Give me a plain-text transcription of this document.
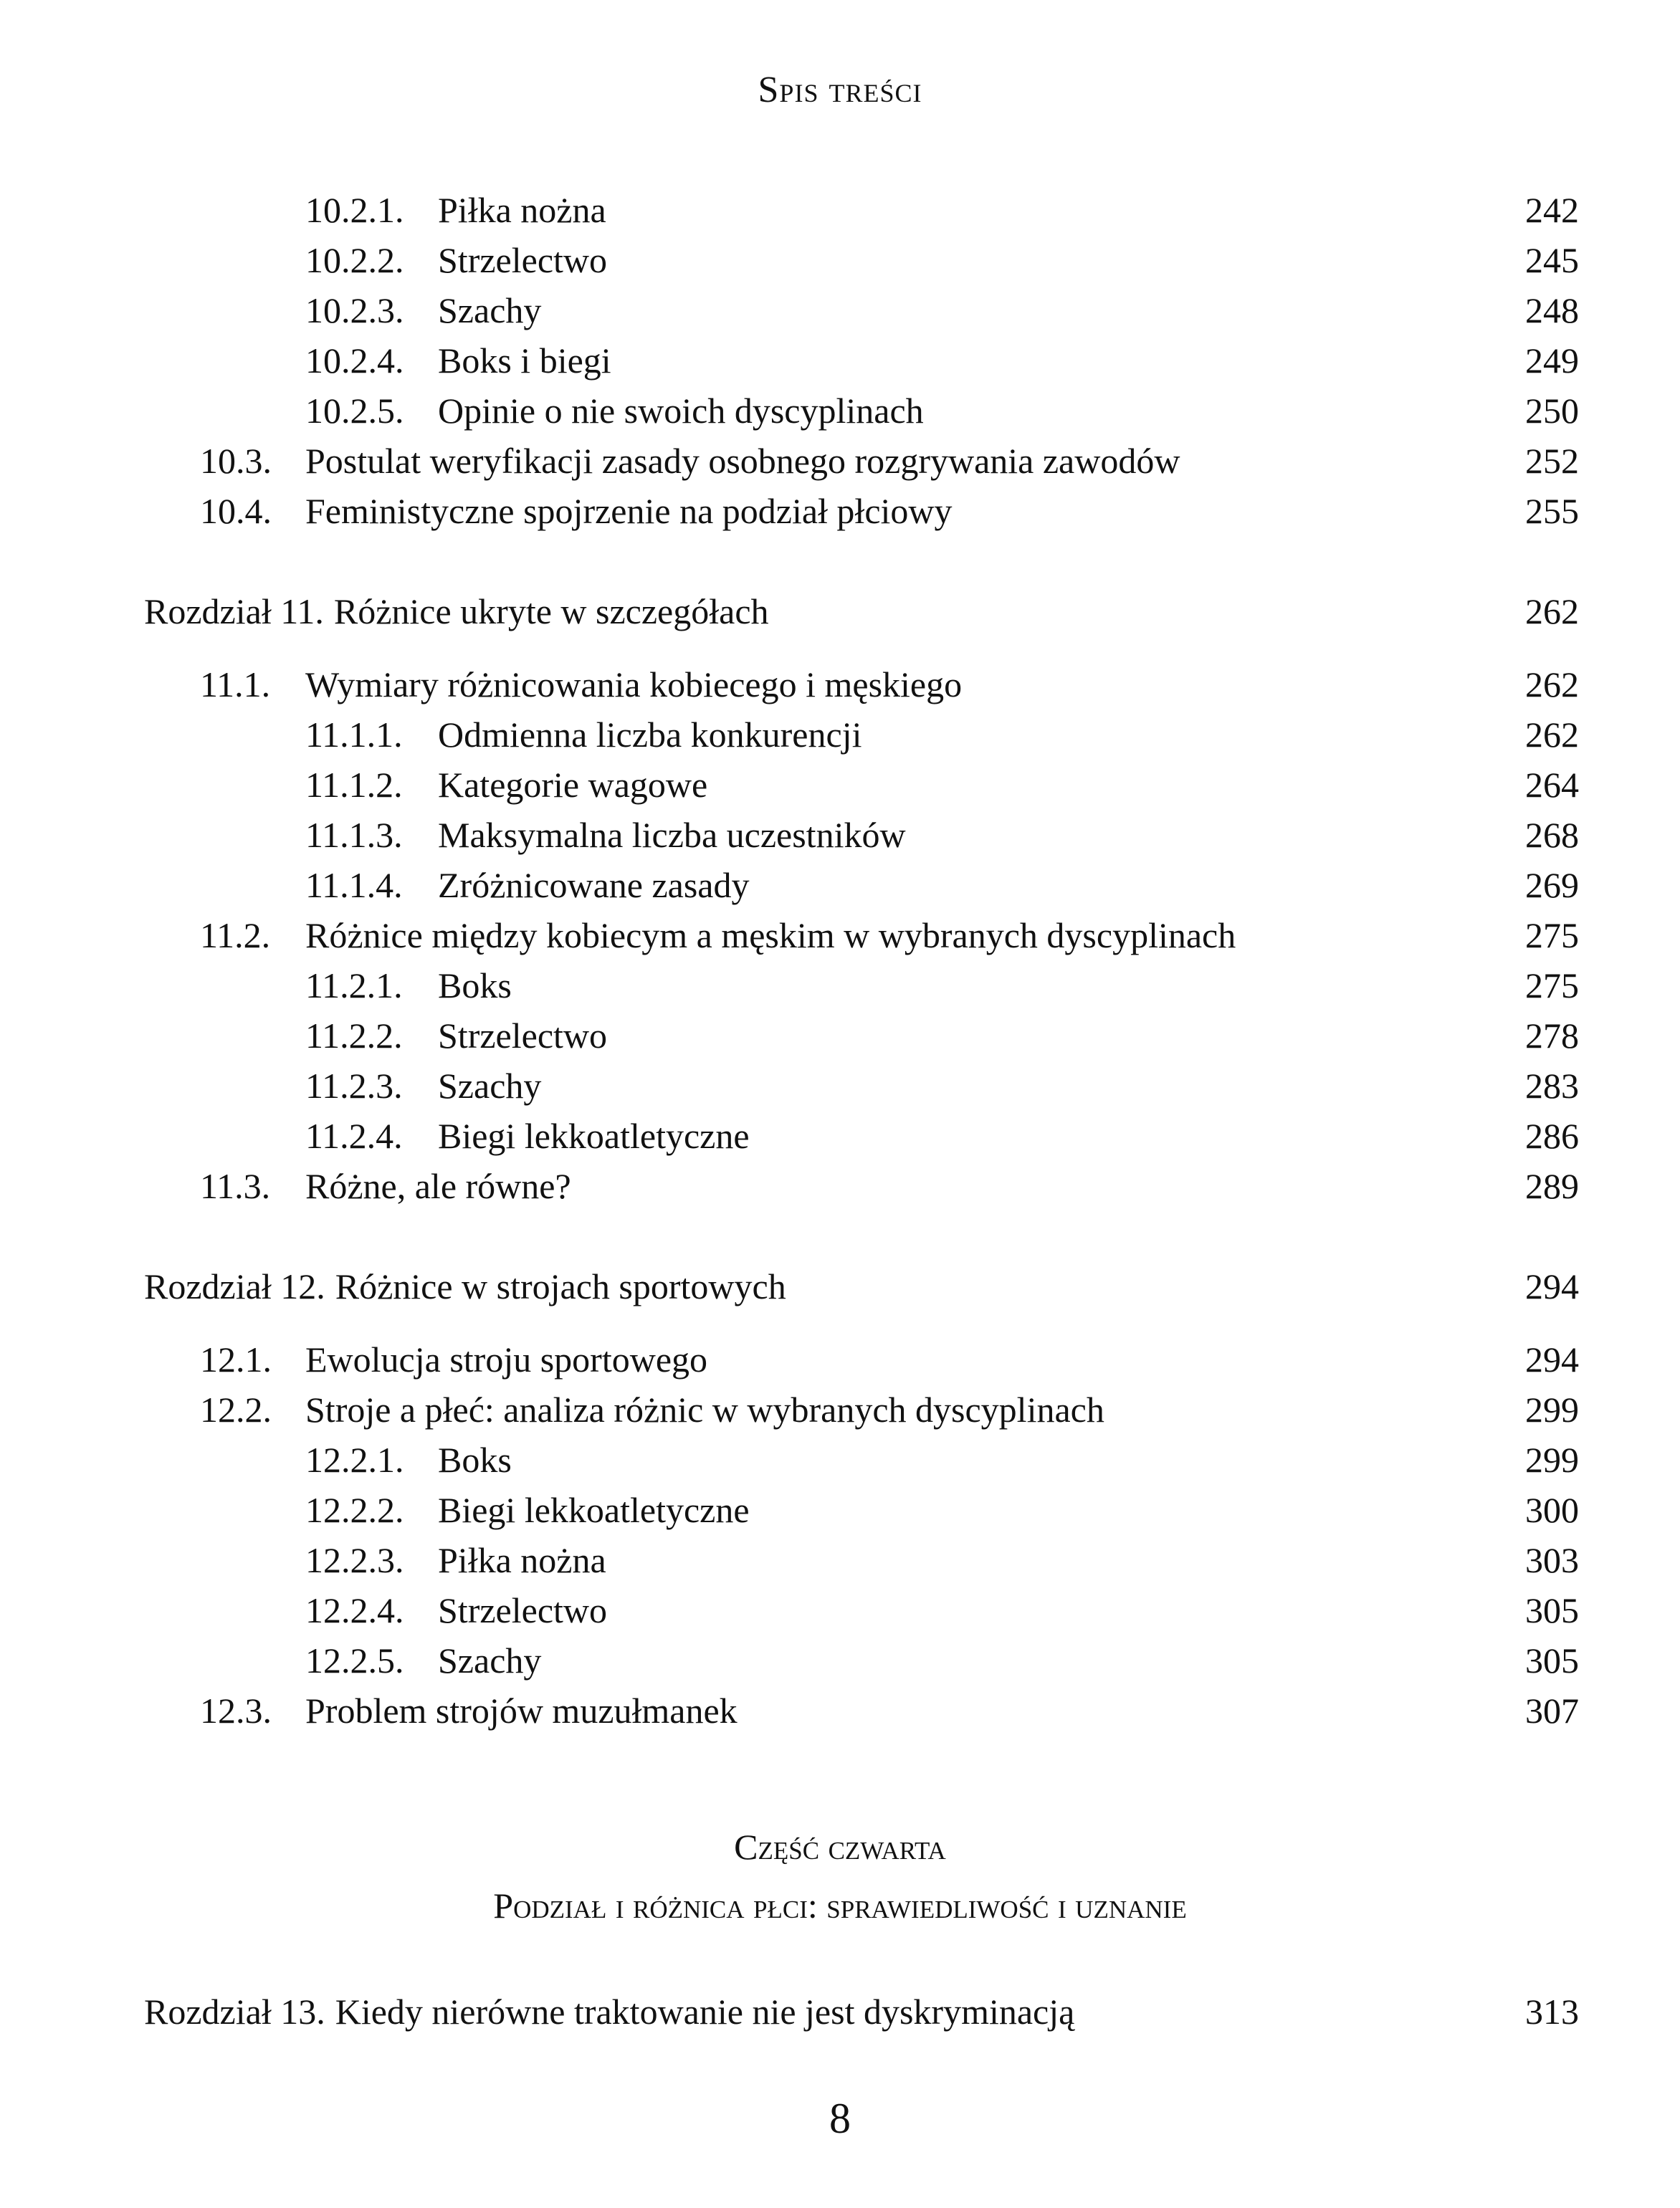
Spis treści
10.2.1. Piłka nożna	242
10.2.2. Strzelectwo	245
10.2.3. Szachy	248
10.2.4. Boks i biegi	249
10.2.5. Opinie o nie swoich dyscyplinach	250
10.3. Postulat weryfikacji zasady osobnego rozgrywania zawodów	252
10.4. Feministyczne spojrzenie na podział płciowy	255
Rozdział 11. Różnice ukryte w szczegółach	262
11.1. Wymiary różnicowania kobiecego i męskiego	262
11.1.1. Odmienna liczba konkurencji	262
11.1.2. Kategorie wagowe	264
11.1.3. Maksymalna liczba uczestników	268
11.1.4. Zróżnicowane zasady	269
11.2. Różnice między kobiecym a męskim w wybranych dyscyplinach	275
11.2.1. Boks	275
11.2.2. Strzelectwo	278
11.2.3. Szachy	283
11.2.4. Biegi lekkoatletyczne	286
11.3. Różne, ale równe?	289
Rozdział 12. Różnice w strojach sportowych	294
12.1. Ewolucja stroju sportowego	294
12.2. Stroje a płeć: analiza różnic w wybranych dyscyplinach	299
12.2.1. Boks	299
12.2.2. Biegi lekkoatletyczne	300
12.2.3. Piłka nożna	303
12.2.4. Strzelectwo	305
12.2.5. Szachy	305
12.3. Problem strojów muzułmanek	307
Część czwarta
Podział i różnica płci: sprawiedliwość i uznanie
Rozdział 13. Kiedy nierówne traktowanie nie jest dyskryminacją	313
8
